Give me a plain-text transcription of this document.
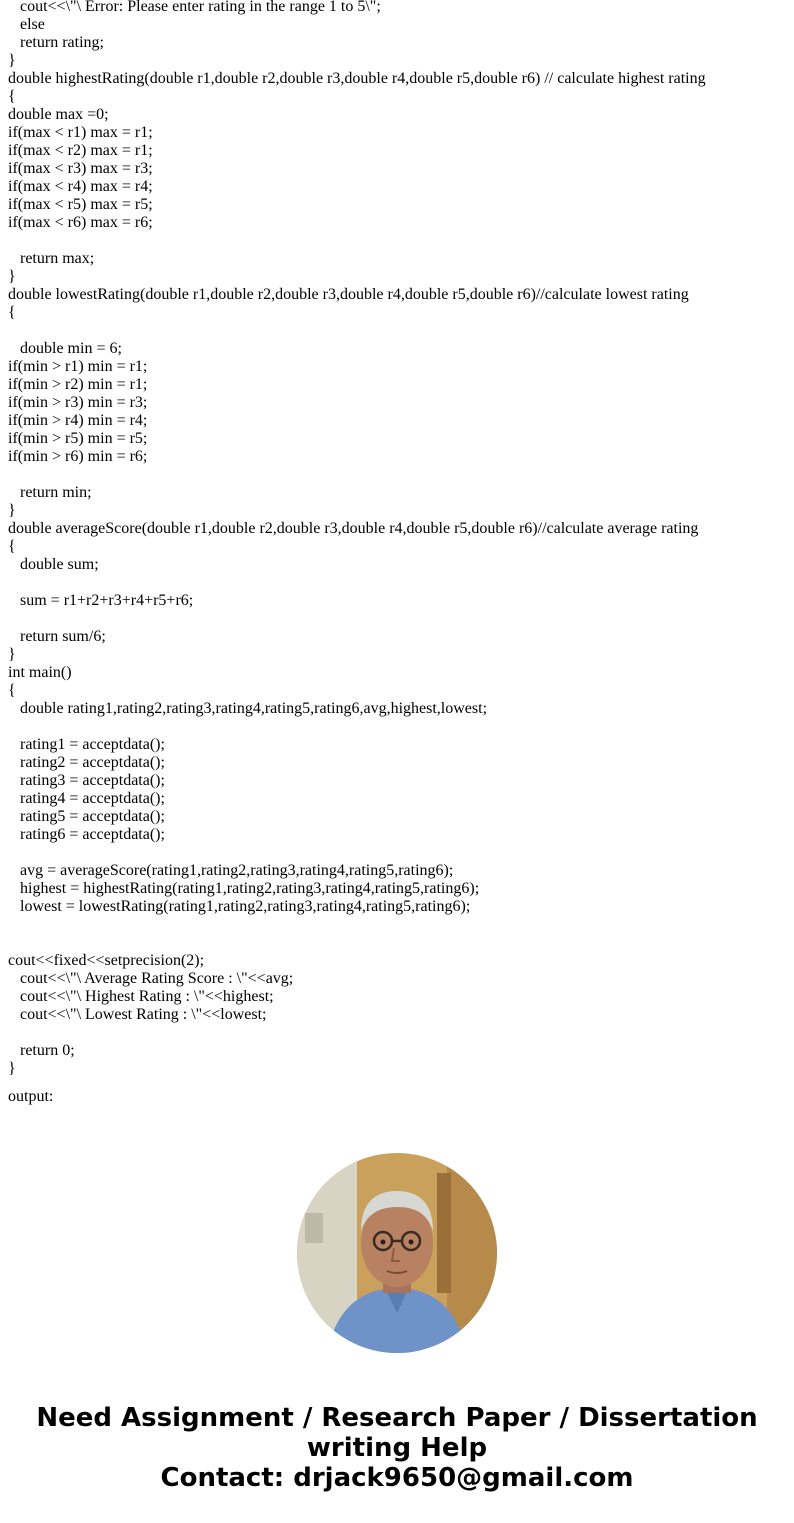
cout<<\"\ Error: Please enter rating in the range 1 to 5\";
else
return rating;
}
double highestRating(double r1,double r2,double r3,double r4,double r5,double r6) // calculate highest rating
{
double max =0;
if(max < r1) max = r1;
if(max < r2) max = r1;
if(max < r3) max = r3;
if(max < r4) max = r4;
if(max < r5) max = r5;
if(max < r6) max = r6;
return max;
}
double lowestRating(double r1,double r2,double r3,double r4,double r5,double r6)//calculate lowest rating
{
double min = 6;
if(min > r1) min = r1;
if(min > r2) min = r1;
if(min > r3) min = r3;
if(min > r4) min = r4;
if(min > r5) min = r5;
if(min > r6) min = r6;
return min;
}
double averageScore(double r1,double r2,double r3,double r4,double r5,double r6)//calculate average rating
{
double sum;
sum = r1+r2+r3+r4+r5+r6;
return sum/6;
}
int main()
{
double rating1,rating2,rating3,rating4,rating5,rating6,avg,highest,lowest;
rating1 = acceptdata();
rating2 = acceptdata();
rating3 = acceptdata();
rating4 = acceptdata();
rating5 = acceptdata();
rating6 = acceptdata();
avg = averageScore(rating1,rating2,rating3,rating4,rating5,rating6);
highest = highestRating(rating1,rating2,rating3,rating4,rating5,rating6);
lowest = lowestRating(rating1,rating2,rating3,rating4,rating5,rating6);
cout<<fixed<<setprecision(2);
cout<<\"\ Average Rating Score : \"<<avg;
cout<<\"\ Highest Rating : \"<<highest;
cout<<\"\ Lowest Rating : \"<<lowest;
return 0;
}
output:
Need Assignment / Research Paper / Dissertation
writing Help
Contact: drjack9650@gmail.com
